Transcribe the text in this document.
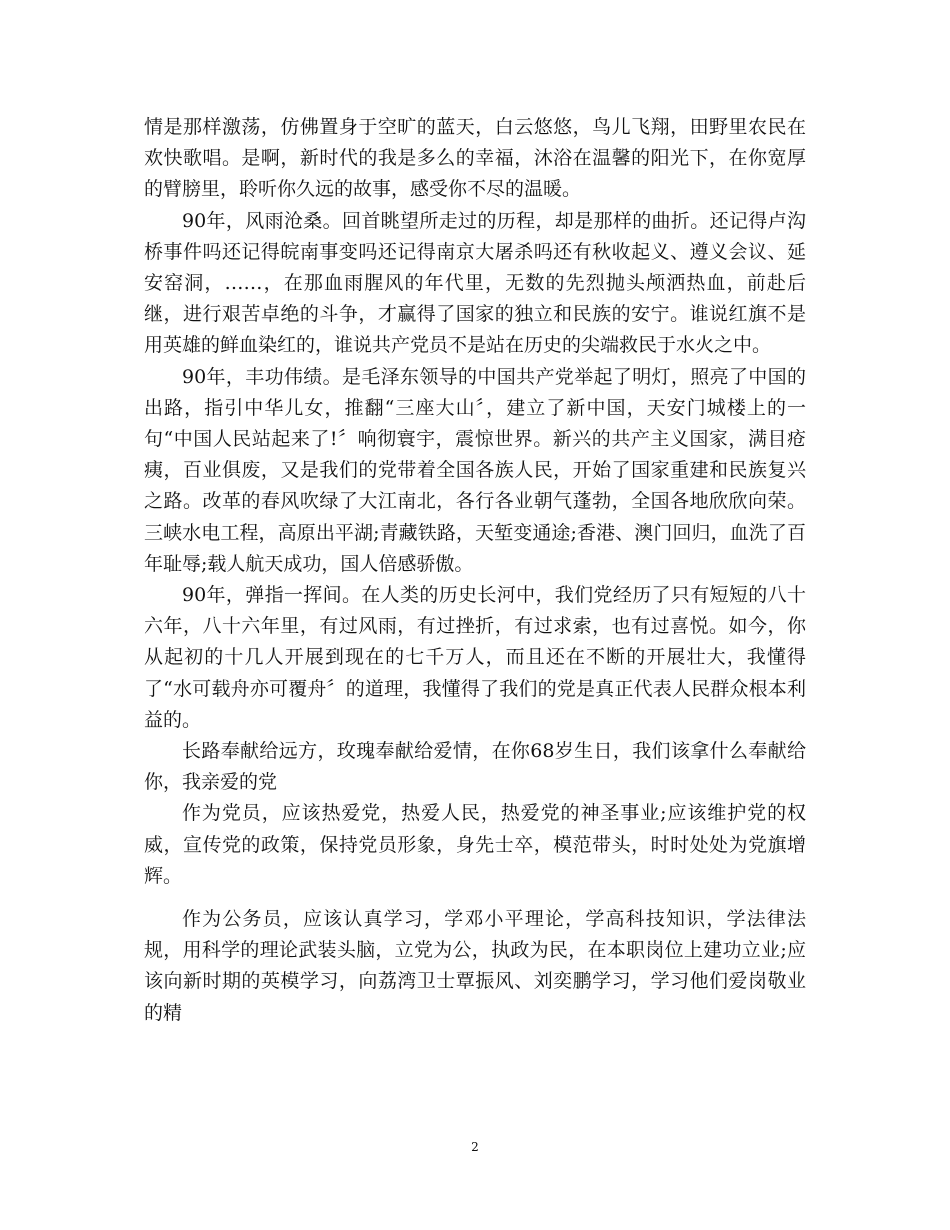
情是那样激荡，仿佛置身于空旷的蓝天，白云悠悠，鸟儿飞翔，田野里农民在欢快歌唱。是啊，新时代的我是多么的幸福，沐浴在温馨的阳光下，在你宽厚的臂膀里，聆听你久远的故事，感受你不尽的温暖。

90年，风雨沧桑。回首眺望所走过的历程，却是那样的曲折。还记得卢沟桥事件吗还记得皖南事变吗还记得南京大屠杀吗还有秋收起义、遵义会议、延安窑洞，……，在那血雨腥风的年代里，无数的先烈抛头颅洒热血，前赴后继，进行艰苦卓绝的斗争，才赢得了国家的独立和民族的安宁。谁说红旗不是用英雄的鲜血染红的，谁说共产党员不是站在历史的尖端救民于水火之中。

90年，丰功伟绩。是毛泽东领导的中国共产党举起了明灯，照亮了中国的出路，指引中华儿女，推翻“三座大山〞，建立了新中国，天安门城楼上的一句“中国人民站起来了!〞响彻寰宇，震惊世界。新兴的共产主义国家，满目疮痍，百业俱废，又是我们的党带着全国各族人民，开始了国家重建和民族复兴之路。改革的春风吹绿了大江南北，各行各业朝气蓬勃，全国各地欣欣向荣。三峡水电工程，高原出平湖;青藏铁路，天堑变通途;香港、澳门回归，血洗了百年耻辱;载人航天成功，国人倍感骄傲。

90年，弹指一挥间。在人类的历史长河中，我们党经历了只有短短的八十六年，八十六年里，有过风雨，有过挫折，有过求索，也有过喜悦。如今，你从起初的十几人开展到现在的七千万人，而且还在不断的开展壮大，我懂得了“水可载舟亦可覆舟〞的道理，我懂得了我们的党是真正代表人民群众根本利益的。

长路奉献给远方，玫瑰奉献给爱情，在你68岁生日，我们该拿什么奉献给你，我亲爱的党

作为党员，应该热爱党，热爱人民，热爱党的神圣事业;应该维护党的权威，宣传党的政策，保持党员形象，身先士卒，模范带头，时时处处为党旗增辉。

作为公务员，应该认真学习，学邓小平理论，学高科技知识，学法律法规，用科学的理论武装头脑，立党为公，执政为民，在本职岗位上建功立业;应该向新时期的英模学习，向荔湾卫士覃振风、刘奕鹏学习，学习他们爱岗敬业的精

2
